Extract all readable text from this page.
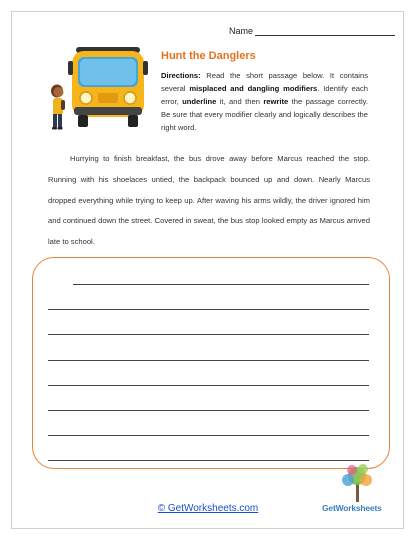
Name
Hunt the Danglers
Directions: Read the short passage below. It contains several misplaced and dangling modifiers. Identify each error, underline it, and then rewrite the passage correctly. Be sure that every modifier clearly and logically describes the right word.

Hurrying to finish breakfast, the bus drove away before Marcus reached the stop. Running with his shoelaces untied, the backpack bounced up and down. Nearly Marcus dropped everything while trying to keep up. After waving his arms wildly, the driver ignored him and continued down the street. Covered in sweat, the bus stop looked empty as Marcus arrived late to school.

© GetWorksheets.com	GetWorksheets
